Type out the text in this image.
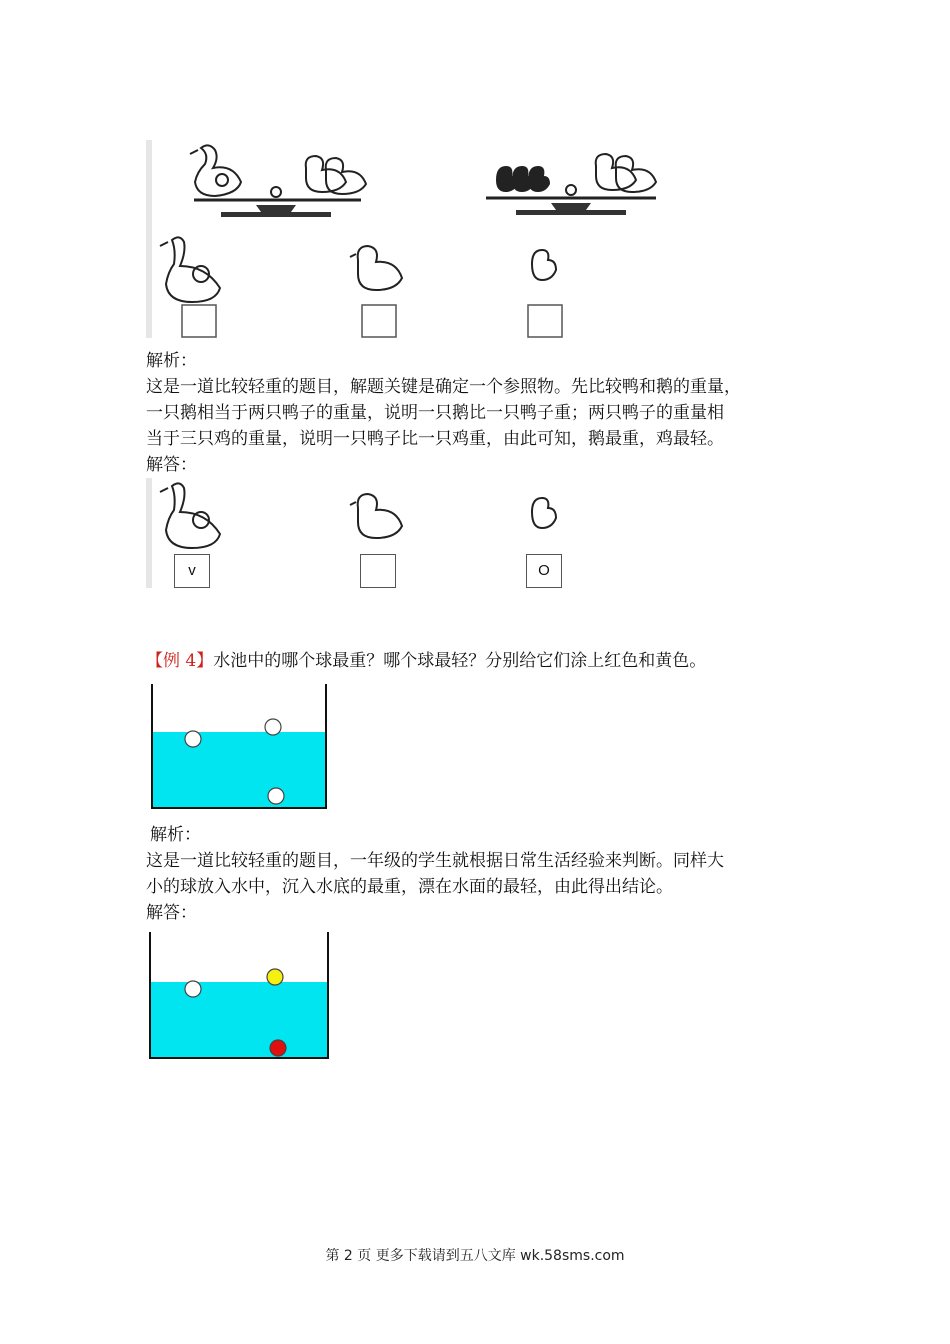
解析：
这是一道比较轻重的题目，解题关键是确定一个参照物。先比较鸭和鹅的重量，
一只鹅相当于两只鸭子的重量，说明一只鹅比一只鸭子重；两只鸭子的重量相
当于三只鸡的重量，说明一只鸭子比一只鸡重，由此可知，鹅最重，鸡最轻。
解答：
v	O
【例 4】水池中的哪个球最重？哪个球最轻？分别给它们涂上红色和黄色。
解析：
这是一道比较轻重的题目，一年级的学生就根据日常生活经验来判断。同样大
小的球放入水中，沉入水底的最重，漂在水面的最轻，由此得出结论。
解答：
第 2 页 更多下载请到五八文库 wk.58sms.com
